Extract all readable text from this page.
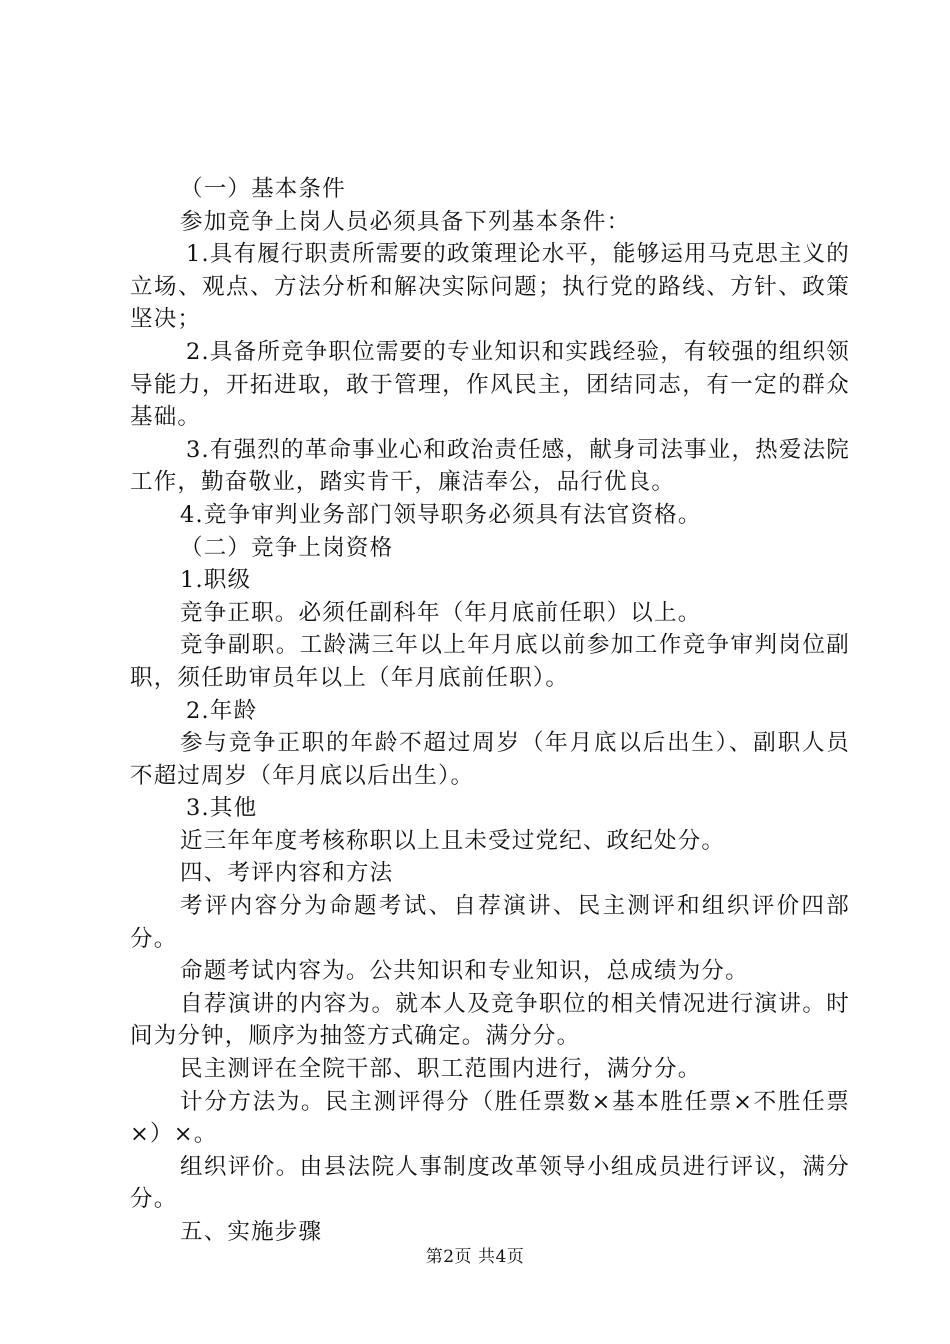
（一）基本条件

参加竞争上岗人员必须具备下列基本条件：

1.具有履行职责所需要的政策理论水平，能够运用马克思主义的立场、观点、方法分析和解决实际问题；执行党的路线、方针、政策坚决；

2.具备所竞争职位需要的专业知识和实践经验，有较强的组织领导能力，开拓进取，敢于管理，作风民主，团结同志，有一定的群众基础。

3.有强烈的革命事业心和政治责任感，献身司法事业，热爱法院工作，勤奋敬业，踏实肯干，廉洁奉公，品行优良。

4.竞争审判业务部门领导职务必须具有法官资格。

（二）竞争上岗资格

1.职级

竞争正职。必须任副科年（年月底前任职）以上。

竞争副职。工龄满三年以上年月底以前参加工作竞争审判岗位副职，须任助审员年以上（年月底前任职）。

2.年龄

参与竞争正职的年龄不超过周岁（年月底以后出生）、副职人员不超过周岁（年月底以后出生）。

3.其他

近三年年度考核称职以上且未受过党纪、政纪处分。

四、考评内容和方法

考评内容分为命题考试、自荐演讲、民主测评和组织评价四部分。

命题考试内容为。公共知识和专业知识，总成绩为分。

自荐演讲的内容为。就本人及竞争职位的相关情况进行演讲。时间为分钟，顺序为抽签方式确定。满分分。

民主测评在全院干部、职工范围内进行，满分分。

计分方法为。民主测评得分（胜任票数×基本胜任票×不胜任票×）×。

组织评价。由县法院人事制度改革领导小组成员进行评议，满分分。

五、实施步骤

第2页 共4页
